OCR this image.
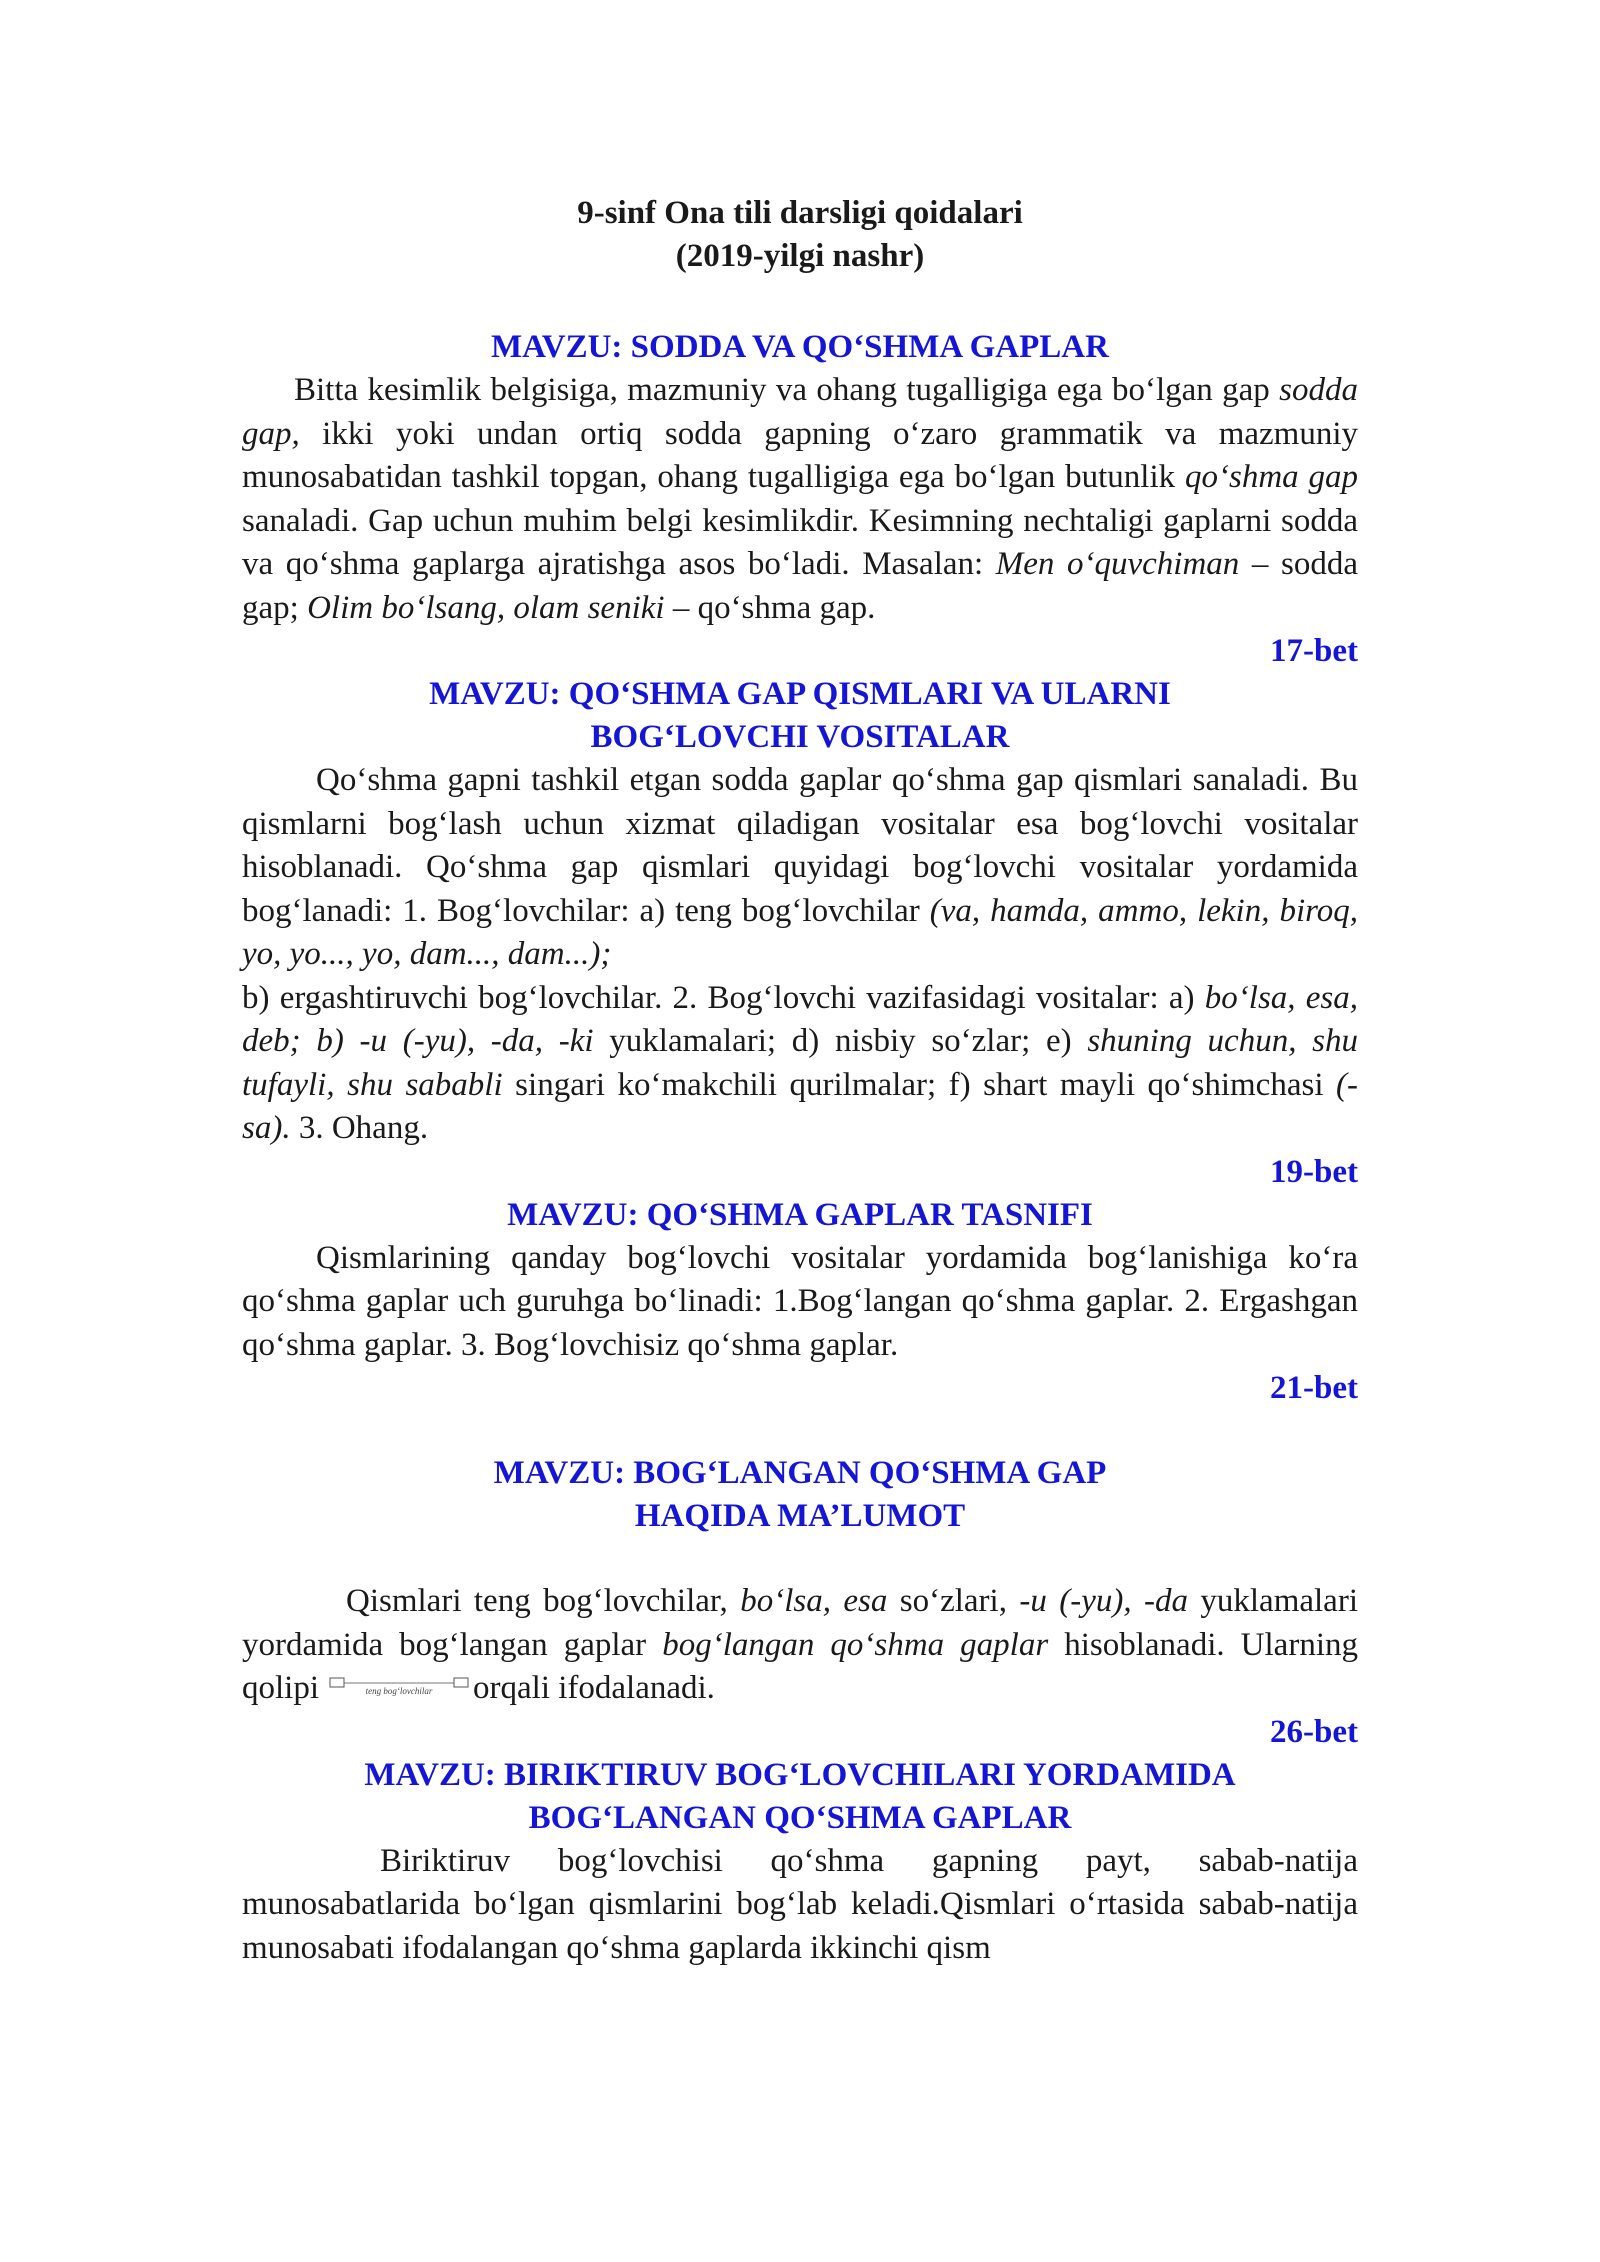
9-sinf Ona tili darsligi qoidalari
(2019-yilgi nashr)
MAVZU: SODDA VA QO‘SHMA GAPLAR

Bitta kesimlik belgisiga, mazmuniy va ohang tugalligiga ega bo‘lgan gap sodda gap, ikki yoki undan ortiq sodda gapning o‘zaro grammatik va mazmuniy munosabatidan tashkil topgan, ohang tugalligiga ega bo‘lgan butunlik qo‘shma gap sanaladi. Gap uchun muhim belgi kesimlikdir. Kesimning nechtaligi gaplarni sodda va qo‘shma gaplarga ajratishga asos bo‘ladi. Masalan: Men o‘quvchiman – sodda gap; Olim bo‘lsang, olam seniki – qo‘shma gap.

17-bet
MAVZU: QO‘SHMA GAP QISMLARI VA ULARNI
BOG‘LOVCHI VOSITALAR

Qo‘shma gapni tashkil etgan sodda gaplar qo‘shma gap qismlari sanaladi. Bu qismlarni bog‘lash uchun xizmat qiladigan vositalar esa bog‘lovchi vositalar hisoblanadi. Qo‘shma gap qismlari quyidagi bog‘lovchi vositalar yordamida bog‘lanadi: 1. Bog‘lovchilar: a) teng bog‘lovchilar (va, hamda, ammo, lekin, biroq, yo, yo..., yo, dam..., dam...);

b) ergashtiruvchi bog‘lovchilar. 2. Bog‘lovchi vazifasidagi vositalar: a) bo‘lsa, esa, deb; b) -u (-yu), -da, -ki yuklamalari; d) nisbiy so‘zlar; e) shuning uchun, shu tufayli, shu sababli singari ko‘makchili qurilmalar; f) shart mayli qo‘shimchasi (-sa). 3. Ohang.

19-bet
MAVZU: QO‘SHMA GAPLAR TASNIFI

Qismlarining qanday bog‘lovchi vositalar yordamida bog‘lanishiga ko‘ra qo‘shma gaplar uch guruhga bo‘linadi: 1.Bog‘langan qo‘shma gaplar. 2. Ergashgan qo‘shma gaplar. 3. Bog‘lovchisiz qo‘shma gaplar.

21-bet
MAVZU: BOG‘LANGAN QO‘SHMA GAP
HAQIDA MA’LUMOT

Qismlari teng bog‘lovchilar, bo‘lsa, esa so‘zlari, -u (-yu), -da yuklamalari yordamida bog‘langan gaplar bog‘langan qo‘shma gaplar hisoblanadi. Ularning qolipi	teng bog‘lovchilar orqali ifodalanadi.

26-bet
MAVZU: BIRIKTIRUV BOG‘LOVCHILARI YORDAMIDA
BOG‘LANGAN QO‘SHMA GAPLAR

Biriktiruv bog‘lovchisi qo‘shma gapning payt, sabab-natija munosabatlarida bo‘lgan qismlarini bog‘lab keladi.Qismlari o‘rtasida sabab-natija munosabati ifodalangan qo‘shma gaplarda ikkinchi qism
